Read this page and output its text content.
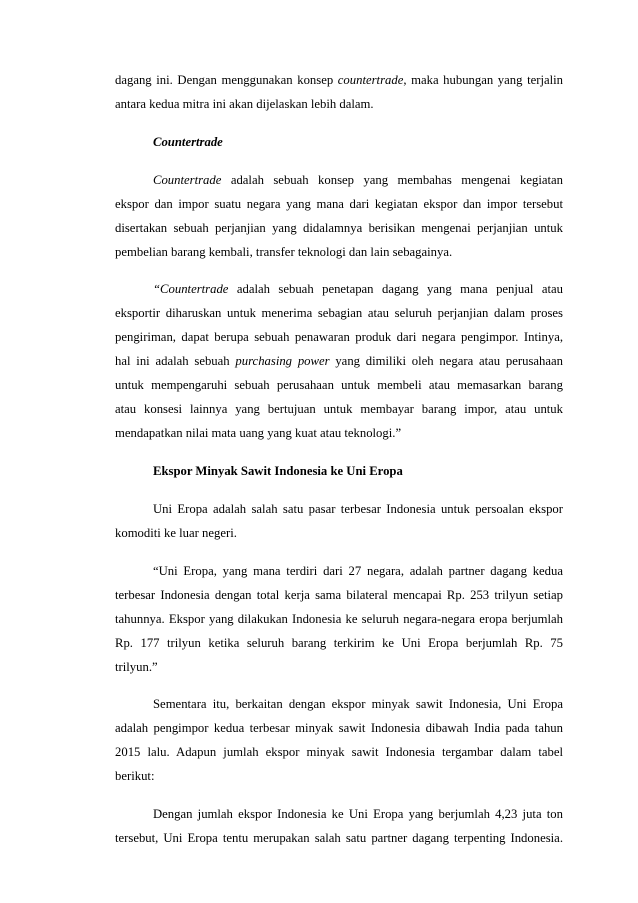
dagang ini. Dengan menggunakan konsep countertrade, maka hubungan yang terjalin
antara kedua mitra ini akan dijelaskan lebih dalam.
Countertrade
Countertrade adalah sebuah konsep yang membahas mengenai kegiatan
ekspor dan impor suatu negara yang mana dari kegiatan ekspor dan impor tersebut
disertakan sebuah perjanjian yang didalamnya berisikan mengenai perjanjian untuk
pembelian barang kembali, transfer teknologi dan lain sebagainya.
“Countertrade adalah sebuah penetapan dagang yang mana penjual atau
eksportir diharuskan untuk menerima sebagian atau seluruh perjanjian dalam proses
pengiriman, dapat berupa sebuah penawaran produk dari negara pengimpor. Intinya,
hal ini adalah sebuah purchasing power yang dimiliki oleh negara atau perusahaan
untuk mempengaruhi sebuah perusahaan untuk membeli atau memasarkan barang
atau konsesi lainnya yang bertujuan untuk membayar barang impor, atau untuk
mendapatkan nilai mata uang yang kuat atau teknologi.”
Ekspor Minyak Sawit Indonesia ke Uni Eropa
Uni Eropa adalah salah satu pasar terbesar Indonesia untuk persoalan ekspor
komoditi ke luar negeri.
“Uni Eropa, yang mana terdiri dari 27 negara, adalah partner dagang kedua
terbesar Indonesia dengan total kerja sama bilateral mencapai Rp. 253 trilyun setiap
tahunnya. Ekspor yang dilakukan Indonesia ke seluruh negara-negara eropa berjumlah
Rp. 177 trilyun ketika seluruh barang terkirim ke Uni Eropa berjumlah Rp. 75
trilyun.”
Sementara itu, berkaitan dengan ekspor minyak sawit Indonesia, Uni Eropa
adalah pengimpor kedua terbesar minyak sawit Indonesia dibawah India pada tahun
2015 lalu. Adapun jumlah ekspor minyak sawit Indonesia tergambar dalam tabel
berikut:
Dengan jumlah ekspor Indonesia ke Uni Eropa yang berjumlah 4,23 juta ton
tersebut, Uni Eropa tentu merupakan salah satu partner dagang terpenting Indonesia.
